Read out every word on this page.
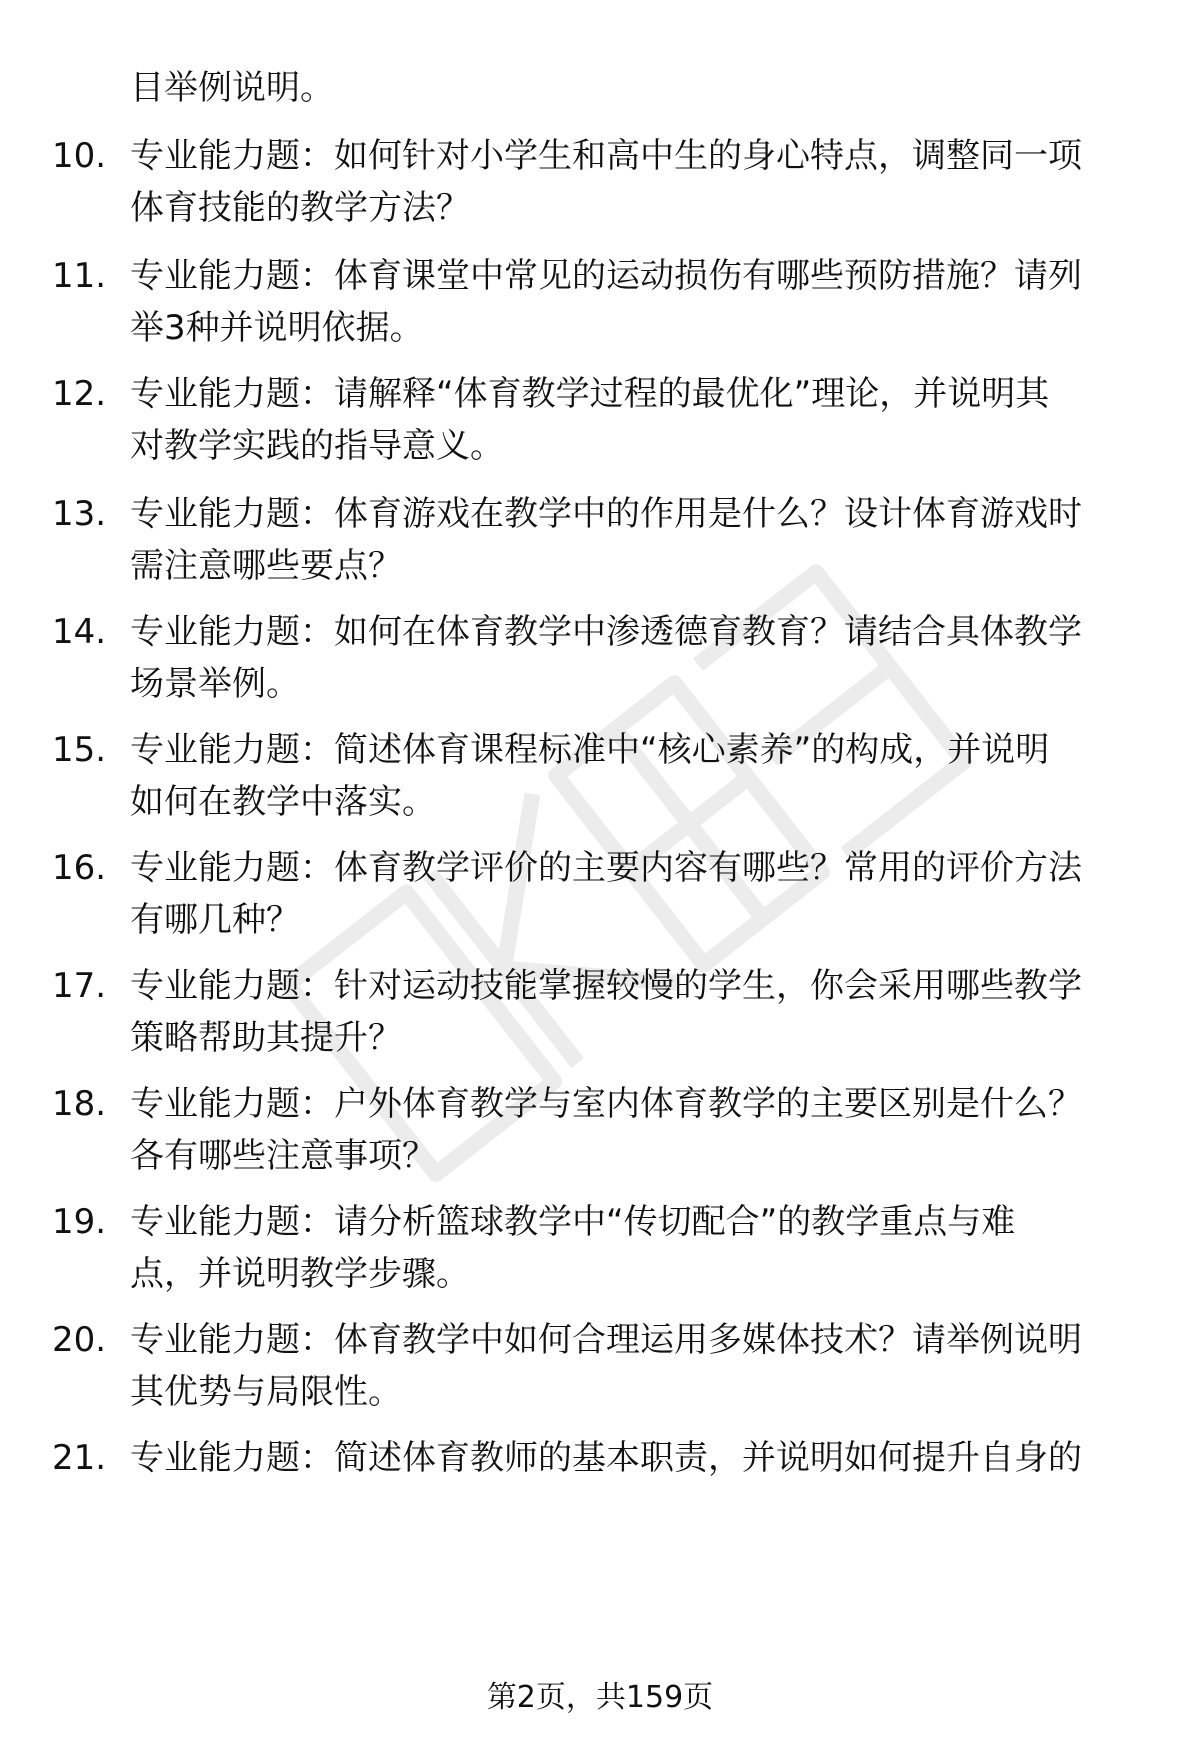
目举例说明。
10. 专业能力题：如何针对小学生和高中生的身心特点，调整同一项
体育技能的教学方法？
11. 专业能力题：体育课堂中常见的运动损伤有哪些预防措施？请列
举3种并说明依据。
12. 专业能力题：请解释“体育教学过程的最优化”理论，并说明其
对教学实践的指导意义。
13. 专业能力题：体育游戏在教学中的作用是什么？设计体育游戏时
需注意哪些要点？
14. 专业能力题：如何在体育教学中渗透德育教育？请结合具体教学
场景举例。
15. 专业能力题：简述体育课程标准中“核心素养”的构成，并说明
如何在教学中落实。
16. 专业能力题：体育教学评价的主要内容有哪些？常用的评价方法
有哪几种？
17. 专业能力题：针对运动技能掌握较慢的学生，你会采用哪些教学
策略帮助其提升？
18. 专业能力题：户外体育教学与室内体育教学的主要区别是什么？
各有哪些注意事项？
19. 专业能力题：请分析篮球教学中“传切配合”的教学重点与难
点，并说明教学步骤。
20. 专业能力题：体育教学中如何合理运用多媒体技术？请举例说明
其优势与局限性。
21. 专业能力题：简述体育教师的基本职责，并说明如何提升自身的
第2页，共159页
